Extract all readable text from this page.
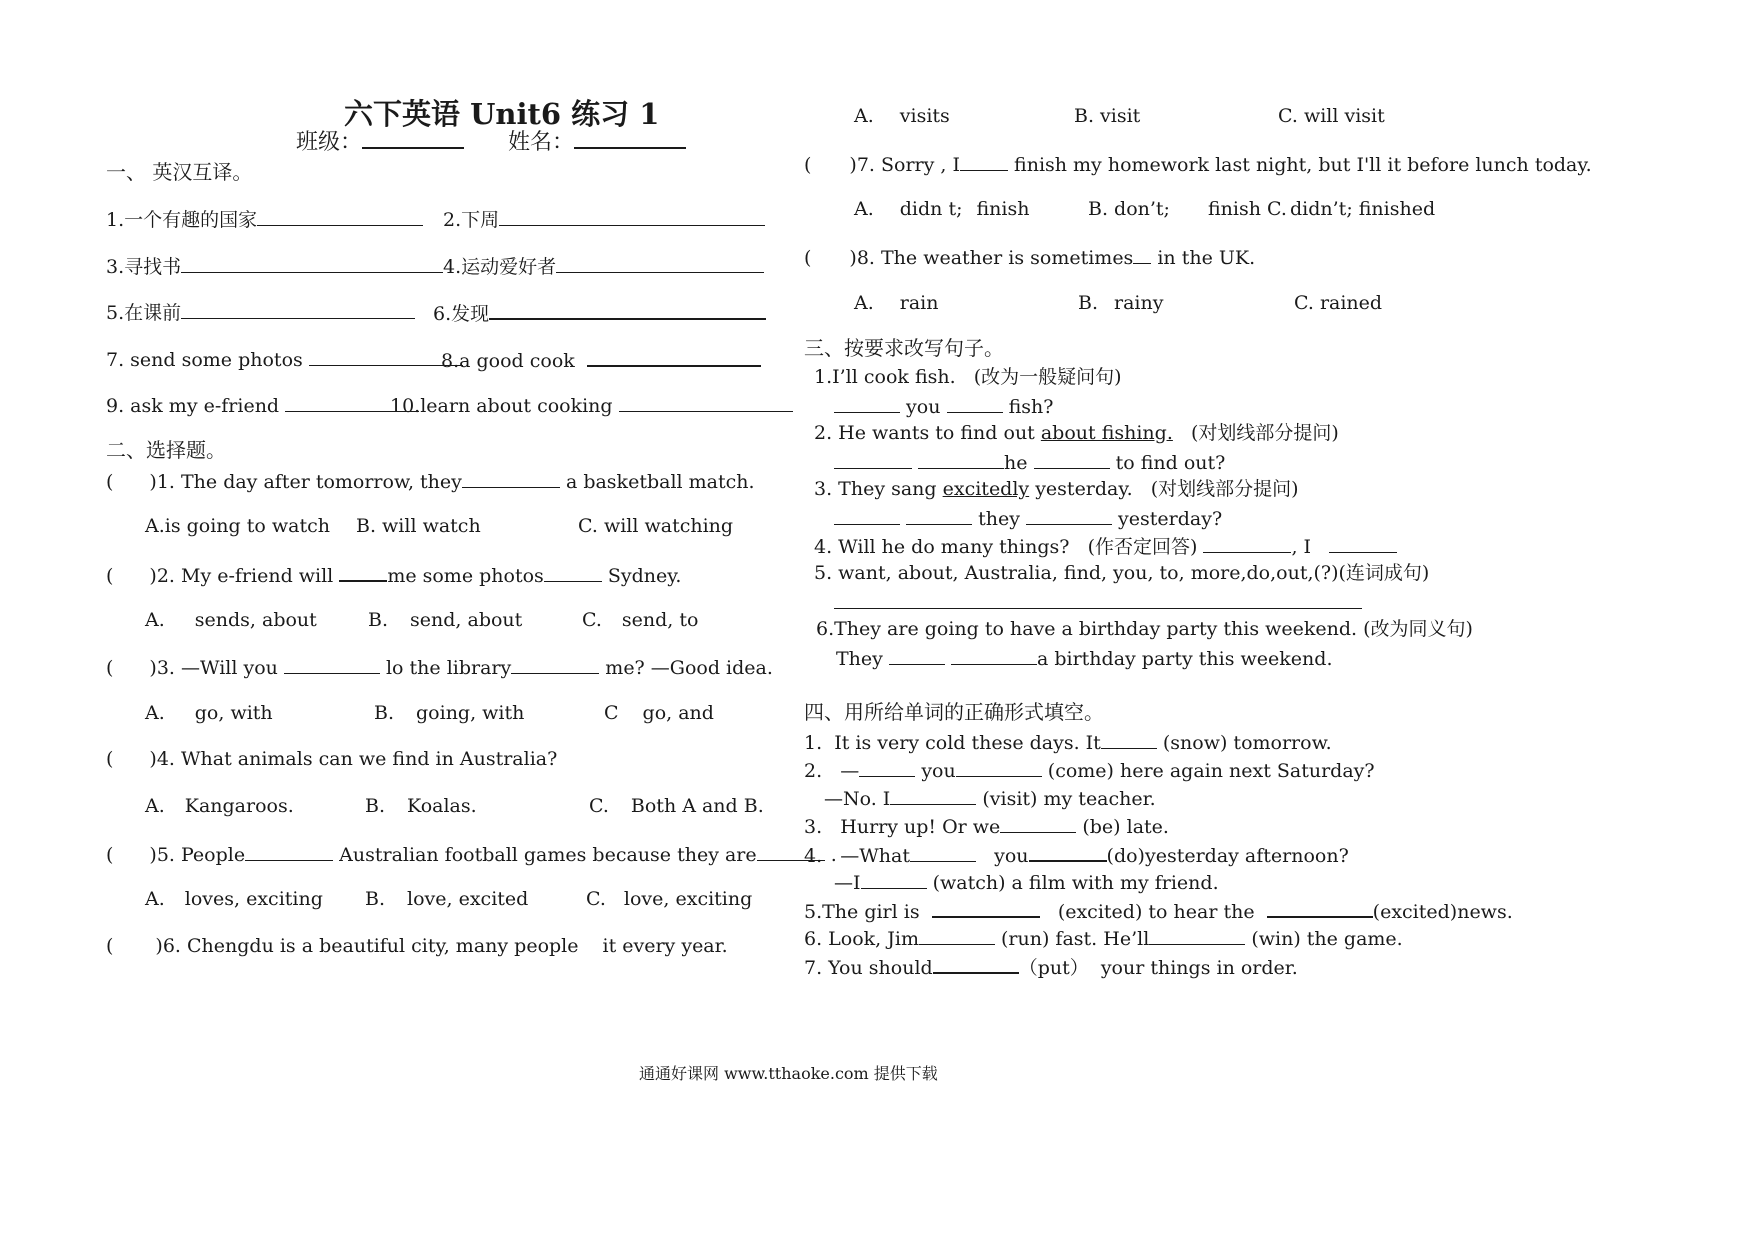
六下英语 Unit6 练习 1
班级：	姓名：
一、 英汉互译。
1.一个有趣的国家	2.下周
3.寻找书	4.运动爱好者
5.在课前	6.发现
7. send some photos	8.a good cook
9. ask my e-friend	10.learn about cooking
二、选择题。
( )1. The day after tomorrow, they	a basketball match.
A.is going to watch B. will watch	C. will watching
( )2. My e-friend will	me some photos	Sydney.
A. sends, about	B. send, about	C. send, to
( )3. —Will you	lo the library	me? —Good idea.
A. go, with	B. going, with	C go, and
( )4. What animals can we find in Australia?
A. Kangaroos.	B. Koalas.	C. Both A and B.
( )5. People	Australian football games because they are	.
A. loves, exciting B. love, excited	C. love, exciting
( )6. Chengdu is a beautiful city, many people it every year.
A. visits	B. visit	C. will visit
( )7. Sorry , I	finish my homework last night, but I'll it before lunch today.
A. didn t; finish	B. don’t; finish C. didn’t; finished
( )8. The weather is sometimes in the UK.
A. rain	B. rainy	C. rained
三、按要求改写句子。
1.I’ll cook fish. (改为一般疑问句)
you	fish?
2. He wants to find out about fishing. (对划线部分提问)
he	to find out?
3. They sang excitedly yesterday. (对划线部分提问)
they	yesterday?
4. Will he do many things? (作否定回答)	, I
5. want, about, Australia, find, you, to, more,do,out,(?)(连词成句)
6.They are going to have a birthday party this weekend. (改为同义句)
They	a birthday party this weekend.
四、用所给单词的正确形式填空。
1. It is very cold these days. It	(snow) tomorrow.
2. —	you	(come) here again next Saturday?
—No. I	(visit) my teacher.
3. Hurry up! Or we	(be) late.
4. —What	you	(do)yesterday afternoon?
—I	(watch) a film with my friend.
5.The girl is	(excited) to hear the	(excited)news.
6. Look, Jim	(run) fast. He’ll	(win) the game.
7. You should	（put） your things in order.
通通好课网 www.tthaoke.com 提供下载
